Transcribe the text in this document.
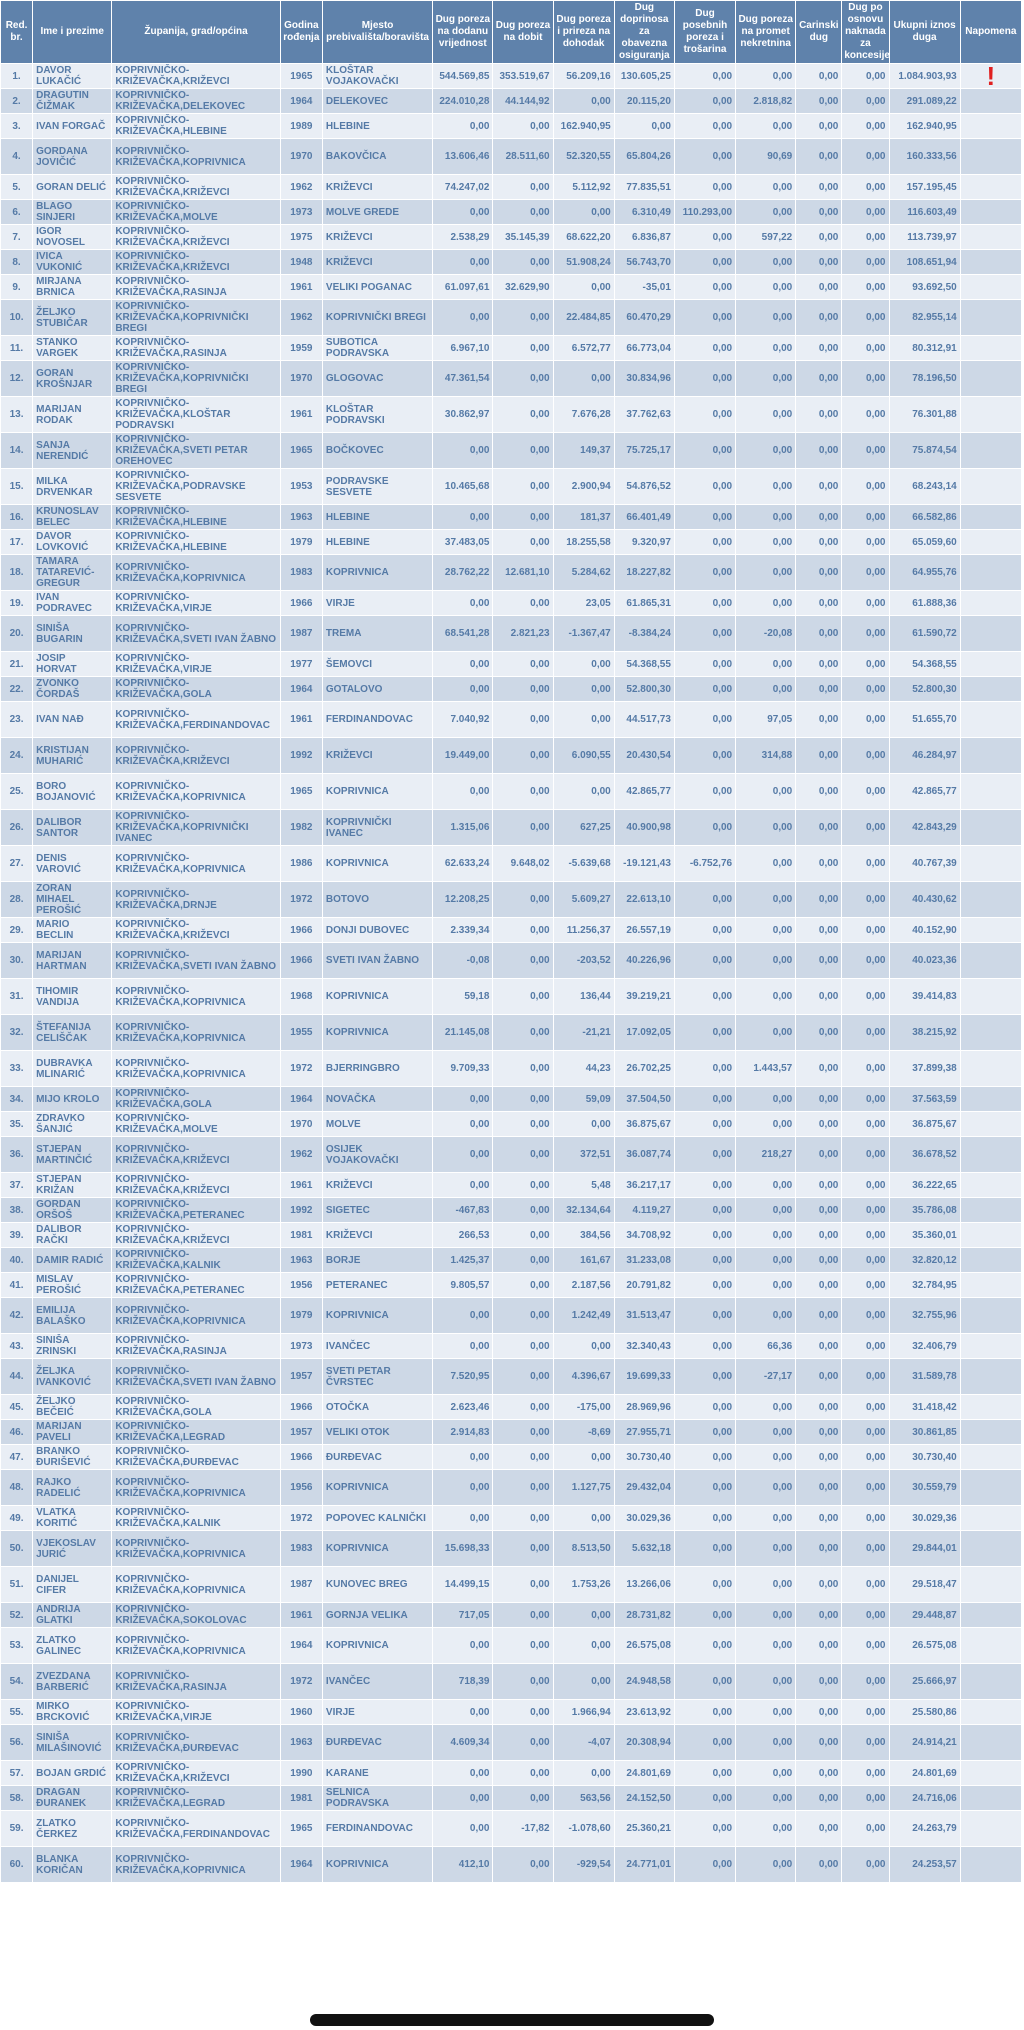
Red. br.	Ime i prezime	Županija, grad/općina	Godina rođenja	Mjesto prebivališta/boravišta	Dug poreza na dodanu vrijednost	Dug poreza na dobit	Dug poreza i prireza na dohodak	Dug doprinosa za obavezna osiguranja	Dug posebnih poreza i trošarina	Dug poreza na promet nekretnina	Carinski dug	Dug po osnovu naknada za koncesije	Ukupni iznos duga	Napomena
1.	DAVOR LUKAČIĆ	KOPRIVNIČKO-KRIŽEVAČKA,KRIŽEVCI	1965	KLOŠTAR VOJAKOVAČKI	544.569,85	353.519,67	56.209,16	130.605,25	0,00	0,00	0,00	0,00	1.084.903,93	!

2.	DRAGUTIN ČIŽMAK	KOPRIVNIČKO-KRIŽEVAČKA,DELEKOVEC	1964	DELEKOVEC	224.010,28	44.144,92	0,00	20.115,20	0,00	2.818,82	0,00	0,00	291.089,22	
3.	IVAN FORGAČ	KOPRIVNIČKO-KRIŽEVAČKA,HLEBINE	1989	HLEBINE	0,00	0,00	162.940,95	0,00	0,00	0,00	0,00	0,00	162.940,95	
4.	GORDANA JOVIČIĆ	KOPRIVNIČKO-KRIŽEVAČKA,KOPRIVNICA	1970	BAKOVČICA	13.606,46	28.511,60	52.320,55	65.804,26	0,00	90,69	0,00	0,00	160.333,56	
5.	GORAN DELIĆ	KOPRIVNIČKO-KRIŽEVAČKA,KRIŽEVCI	1962	KRIŽEVCI	74.247,02	0,00	5.112,92	77.835,51	0,00	0,00	0,00	0,00	157.195,45	
6.	BLAGO SINJERI	KOPRIVNIČKO-KRIŽEVAČKA,MOLVE	1973	MOLVE GREDE	0,00	0,00	0,00	6.310,49	110.293,00	0,00	0,00	0,00	116.603,49	
7.	IGOR NOVOSEL	KOPRIVNIČKO-KRIŽEVAČKA,KRIŽEVCI	1975	KRIŽEVCI	2.538,29	35.145,39	68.622,20	6.836,87	0,00	597,22	0,00	0,00	113.739,97	
8.	IVICA VUKONIĆ	KOPRIVNIČKO-KRIŽEVAČKA,KRIŽEVCI	1948	KRIŽEVCI	0,00	0,00	51.908,24	56.743,70	0,00	0,00	0,00	0,00	108.651,94	
9.	MIRJANA BRNICA	KOPRIVNIČKO-KRIŽEVAČKA,RASINJA	1961	VELIKI POGANAC	61.097,61	32.629,90	0,00	-35,01	0,00	0,00	0,00	0,00	93.692,50	
10.	ŽELJKO STUBIČAR	KOPRIVNIČKO-KRIŽEVAČKA,KOPRIVNIČKI BREGI	1962	KOPRIVNIČKI BREGI	0,00	0,00	22.484,85	60.470,29	0,00	0,00	0,00	0,00	82.955,14	
11.	STANKO VARGEK	KOPRIVNIČKO-KRIŽEVAČKA,RASINJA	1959	SUBOTICA PODRAVSKA	6.967,10	0,00	6.572,77	66.773,04	0,00	0,00	0,00	0,00	80.312,91	
12.	GORAN KROŠNJAR	KOPRIVNIČKO-KRIŽEVAČKA,KOPRIVNIČKI BREGI	1970	GLOGOVAC	47.361,54	0,00	0,00	30.834,96	0,00	0,00	0,00	0,00	78.196,50	
13.	MARIJAN RODAK	KOPRIVNIČKO-KRIŽEVAČKA,KLOŠTAR PODRAVSKI	1961	KLOŠTAR PODRAVSKI	30.862,97	0,00	7.676,28	37.762,63	0,00	0,00	0,00	0,00	76.301,88	
14.	SANJA NERENDIĆ	KOPRIVNIČKO-KRIŽEVAČKA,SVETI PETAR OREHOVEC	1965	BOČKOVEC	0,00	0,00	149,37	75.725,17	0,00	0,00	0,00	0,00	75.874,54	
15.	MILKA DRVENKAR	KOPRIVNIČKO-KRIŽEVAČKA,PODRAVSKE SESVETE	1953	PODRAVSKE SESVETE	10.465,68	0,00	2.900,94	54.876,52	0,00	0,00	0,00	0,00	68.243,14	
16.	KRUNOSLAV BELEC	KOPRIVNIČKO-KRIŽEVAČKA,HLEBINE	1963	HLEBINE	0,00	0,00	181,37	66.401,49	0,00	0,00	0,00	0,00	66.582,86	
17.	DAVOR LOVKOVIĆ	KOPRIVNIČKO-KRIŽEVAČKA,HLEBINE	1979	HLEBINE	37.483,05	0,00	18.255,58	9.320,97	0,00	0,00	0,00	0,00	65.059,60	
18.	TAMARA TATAREVIĆ-GREGUR	KOPRIVNIČKO-KRIŽEVAČKA,KOPRIVNICA	1983	KOPRIVNICA	28.762,22	12.681,10	5.284,62	18.227,82	0,00	0,00	0,00	0,00	64.955,76	
19.	IVAN PODRAVEC	KOPRIVNIČKO-KRIŽEVAČKA,VIRJE	1966	VIRJE	0,00	0,00	23,05	61.865,31	0,00	0,00	0,00	0,00	61.888,36	
20.	SINIŠA BUGARIN	KOPRIVNIČKO-KRIŽEVAČKA,SVETI IVAN ŽABNO	1987	TREMA	68.541,28	2.821,23	-1.367,47	-8.384,24	0,00	-20,08	0,00	0,00	61.590,72	
21.	JOSIP HORVAT	KOPRIVNIČKO-KRIŽEVAČKA,VIRJE	1977	ŠEMOVCI	0,00	0,00	0,00	54.368,55	0,00	0,00	0,00	0,00	54.368,55	
22.	ZVONKO ČORDAŠ	KOPRIVNIČKO-KRIŽEVAČKA,GOLA	1964	GOTALOVO	0,00	0,00	0,00	52.800,30	0,00	0,00	0,00	0,00	52.800,30	
23.	IVAN NAĐ	KOPRIVNIČKO-KRIŽEVAČKA,FERDINANDOVAC	1961	FERDINANDOVAC	7.040,92	0,00	0,00	44.517,73	0,00	97,05	0,00	0,00	51.655,70	
24.	KRISTIJAN MUHARIĆ	KOPRIVNIČKO-KRIŽEVAČKA,KRIŽEVCI	1992	KRIŽEVCI	19.449,00	0,00	6.090,55	20.430,54	0,00	314,88	0,00	0,00	46.284,97	
25.	BORO BOJANOVIĆ	KOPRIVNIČKO-KRIŽEVAČKA,KOPRIVNICA	1965	KOPRIVNICA	0,00	0,00	0,00	42.865,77	0,00	0,00	0,00	0,00	42.865,77	
26.	DALIBOR SANTOR	KOPRIVNIČKO-KRIŽEVAČKA,KOPRIVNIČKI IVANEC	1982	KOPRIVNIČKI IVANEC	1.315,06	0,00	627,25	40.900,98	0,00	0,00	0,00	0,00	42.843,29	
27.	DENIS VAROVIĆ	KOPRIVNIČKO-KRIŽEVAČKA,KOPRIVNICA	1986	KOPRIVNICA	62.633,24	9.648,02	-5.639,68	-19.121,43	-6.752,76	0,00	0,00	0,00	40.767,39	
28.	ZORAN MIHAEL PEROŠIĆ	KOPRIVNIČKO-KRIŽEVAČKA,DRNJE	1972	BOTOVO	12.208,25	0,00	5.609,27	22.613,10	0,00	0,00	0,00	0,00	40.430,62	
29.	MARIO BECLIN	KOPRIVNIČKO-KRIŽEVAČKA,KRIŽEVCI	1966	DONJI DUBOVEC	2.339,34	0,00	11.256,37	26.557,19	0,00	0,00	0,00	0,00	40.152,90	
30.	MARIJAN HARTMAN	KOPRIVNIČKO-KRIŽEVAČKA,SVETI IVAN ŽABNO	1966	SVETI IVAN ŽABNO	-0,08	0,00	-203,52	40.226,96	0,00	0,00	0,00	0,00	40.023,36	
31.	TIHOMIR VANDIJA	KOPRIVNIČKO-KRIŽEVAČKA,KOPRIVNICA	1968	KOPRIVNICA	59,18	0,00	136,44	39.219,21	0,00	0,00	0,00	0,00	39.414,83	
32.	ŠTEFANIJA CELIŠČAK	KOPRIVNIČKO-KRIŽEVAČKA,KOPRIVNICA	1955	KOPRIVNICA	21.145,08	0,00	-21,21	17.092,05	0,00	0,00	0,00	0,00	38.215,92	
33.	DUBRAVKA MLINARIĆ	KOPRIVNIČKO-KRIŽEVAČKA,KOPRIVNICA	1972	BJERRINGBRO	9.709,33	0,00	44,23	26.702,25	0,00	1.443,57	0,00	0,00	37.899,38	
34.	MIJO KROLO	KOPRIVNIČKO-KRIŽEVAČKA,GOLA	1964	NOVAČKA	0,00	0,00	59,09	37.504,50	0,00	0,00	0,00	0,00	37.563,59	
35.	ZDRAVKO ŠANJIĆ	KOPRIVNIČKO-KRIŽEVAČKA,MOLVE	1970	MOLVE	0,00	0,00	0,00	36.875,67	0,00	0,00	0,00	0,00	36.875,67	
36.	STJEPAN MARTINČIĆ	KOPRIVNIČKO-KRIŽEVAČKA,KRIŽEVCI	1962	OSIJEK VOJAKOVAČKI	0,00	0,00	372,51	36.087,74	0,00	218,27	0,00	0,00	36.678,52	
37.	STJEPAN KRIŽAN	KOPRIVNIČKO-KRIŽEVAČKA,KRIŽEVCI	1961	KRIŽEVCI	0,00	0,00	5,48	36.217,17	0,00	0,00	0,00	0,00	36.222,65	
38.	GORDAN ORŠOŠ	KOPRIVNIČKO-KRIŽEVAČKA,PETERANEC	1992	SIGETEC	-467,83	0,00	32.134,64	4.119,27	0,00	0,00	0,00	0,00	35.786,08	
39.	DALIBOR RAČKI	KOPRIVNIČKO-KRIŽEVAČKA,KRIŽEVCI	1981	KRIŽEVCI	266,53	0,00	384,56	34.708,92	0,00	0,00	0,00	0,00	35.360,01	
40.	DAMIR RADIĆ	KOPRIVNIČKO-KRIŽEVAČKA,KALNIK	1963	BORJE	1.425,37	0,00	161,67	31.233,08	0,00	0,00	0,00	0,00	32.820,12	
41.	MISLAV PEROŠIĆ	KOPRIVNIČKO-KRIŽEVAČKA,PETERANEC	1956	PETERANEC	9.805,57	0,00	2.187,56	20.791,82	0,00	0,00	0,00	0,00	32.784,95	
42.	EMILIJA BALAŠKO	KOPRIVNIČKO-KRIŽEVAČKA,KOPRIVNICA	1979	KOPRIVNICA	0,00	0,00	1.242,49	31.513,47	0,00	0,00	0,00	0,00	32.755,96	
43.	SINIŠA ZRINSKI	KOPRIVNIČKO-KRIŽEVAČKA,RASINJA	1973	IVANČEC	0,00	0,00	0,00	32.340,43	0,00	66,36	0,00	0,00	32.406,79	
44.	ŽELJKA IVANKOVIĆ	KOPRIVNIČKO-KRIŽEVAČKA,SVETI IVAN ŽABNO	1957	SVETI PETAR ČVRSTEC	7.520,95	0,00	4.396,67	19.699,33	0,00	-27,17	0,00	0,00	31.589,78	
45.	ŽELJKO BEČEIĆ	KOPRIVNIČKO-KRIŽEVAČKA,GOLA	1966	OTOČKA	2.623,46	0,00	-175,00	28.969,96	0,00	0,00	0,00	0,00	31.418,42	
46.	MARIJAN PAVELI	KOPRIVNIČKO-KRIŽEVAČKA,LEGRAD	1957	VELIKI OTOK	2.914,83	0,00	-8,69	27.955,71	0,00	0,00	0,00	0,00	30.861,85	
47.	BRANKO ĐURIŠEVIĆ	KOPRIVNIČKO-KRIŽEVAČKA,ĐURĐEVAC	1966	ĐURĐEVAC	0,00	0,00	0,00	30.730,40	0,00	0,00	0,00	0,00	30.730,40	
48.	RAJKO RADELIĆ	KOPRIVNIČKO-KRIŽEVAČKA,KOPRIVNICA	1956	KOPRIVNICA	0,00	0,00	1.127,75	29.432,04	0,00	0,00	0,00	0,00	30.559,79	
49.	VLATKA KORITIĆ	KOPRIVNIČKO-KRIŽEVAČKA,KALNIK	1972	POPOVEC KALNIČKI	0,00	0,00	0,00	30.029,36	0,00	0,00	0,00	0,00	30.029,36	
50.	VJEKOSLAV JURIĆ	KOPRIVNIČKO-KRIŽEVAČKA,KOPRIVNICA	1983	KOPRIVNICA	15.698,33	0,00	8.513,50	5.632,18	0,00	0,00	0,00	0,00	29.844,01	
51.	DANIJEL CIFER	KOPRIVNIČKO-KRIŽEVAČKA,KOPRIVNICA	1987	KUNOVEC BREG	14.499,15	0,00	1.753,26	13.266,06	0,00	0,00	0,00	0,00	29.518,47	
52.	ANDRIJA GLATKI	KOPRIVNIČKO-KRIŽEVAČKA,SOKOLOVAC	1961	GORNJA VELIKA	717,05	0,00	0,00	28.731,82	0,00	0,00	0,00	0,00	29.448,87	
53.	ZLATKO GALINEC	KOPRIVNIČKO-KRIŽEVAČKA,KOPRIVNICA	1964	KOPRIVNICA	0,00	0,00	0,00	26.575,08	0,00	0,00	0,00	0,00	26.575,08	
54.	ZVEZDANA BARBERIĆ	KOPRIVNIČKO-KRIŽEVAČKA,RASINJA	1972	IVANČEC	718,39	0,00	0,00	24.948,58	0,00	0,00	0,00	0,00	25.666,97	
55.	MIRKO BRCKOVIĆ	KOPRIVNIČKO-KRIŽEVAČKA,VIRJE	1960	VIRJE	0,00	0,00	1.966,94	23.613,92	0,00	0,00	0,00	0,00	25.580,86	
56.	SINIŠA MILAŠINOVIĆ	KOPRIVNIČKO-KRIŽEVAČKA,ĐURĐEVAC	1963	ĐURĐEVAC	4.609,34	0,00	-4,07	20.308,94	0,00	0,00	0,00	0,00	24.914,21	
57.	BOJAN GRDIĆ	KOPRIVNIČKO-KRIŽEVAČKA,KRIŽEVCI	1990	KARANE	0,00	0,00	0,00	24.801,69	0,00	0,00	0,00	0,00	24.801,69	
58.	DRAGAN ĐURANEK	KOPRIVNIČKO-KRIŽEVAČKA,LEGRAD	1981	SELNICA PODRAVSKA	0,00	0,00	563,56	24.152,50	0,00	0,00	0,00	0,00	24.716,06	
59.	ZLATKO ČERKEZ	KOPRIVNIČKO-KRIŽEVAČKA,FERDINANDOVAC	1965	FERDINANDOVAC	0,00	-17,82	-1.078,60	25.360,21	0,00	0,00	0,00	0,00	24.263,79	
60.	BLANKA KORIČAN	KOPRIVNIČKO-KRIŽEVAČKA,KOPRIVNICA	1964	KOPRIVNICA	412,10	0,00	-929,54	24.771,01	0,00	0,00	0,00	0,00	24.253,57	
